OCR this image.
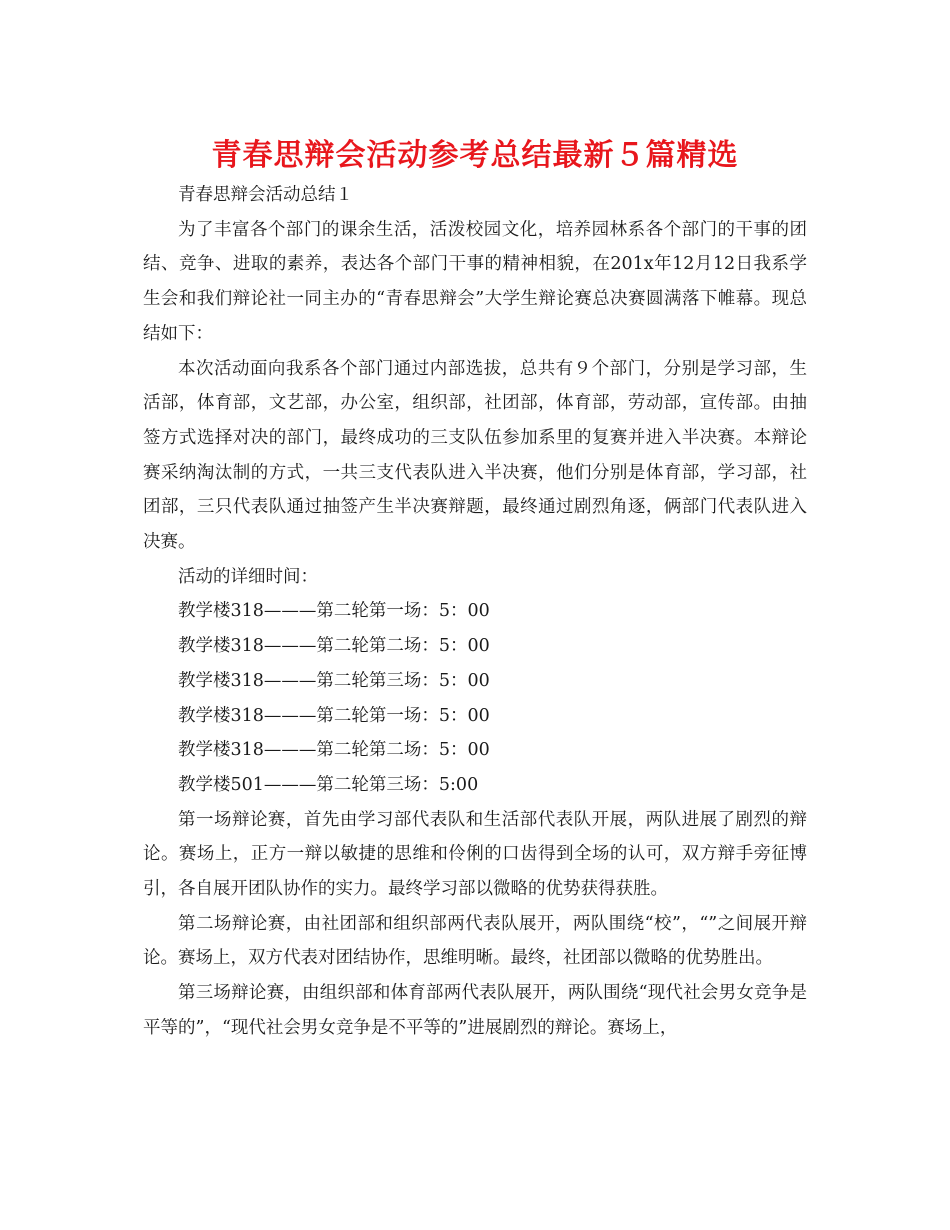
青春思辩会活动参考总结最新５篇精选

青春思辩会活动总结１

为了丰富各个部门的课余生活，活泼校园文化，培养园林系各个部门的干事的团结、竞争、进取的素养，表达各个部门干事的精神相貌，在201x年12月12日我系学生会和我们辩论社一同主办的“青春思辩会”大学生辩论赛总决赛圆满落下帷幕。现总结如下：

本次活动面向我系各个部门通过内部选拔，总共有９个部门，分别是学习部，生活部，体育部，文艺部，办公室，组织部，社团部，体育部，劳动部，宣传部。由抽签方式选择对决的部门，最终成功的三支队伍参加系里的复赛并进入半决赛。本辩论赛采纳淘汰制的方式，一共三支代表队进入半决赛，他们分别是体育部，学习部，社团部，三只代表队通过抽签产生半决赛辩题，最终通过剧烈角逐，俩部门代表队进入决赛。

活动的详细时间：

教学楼318———第二轮第一场：5：00

教学楼318———第二轮第二场：5：00

教学楼318———第二轮第三场：5：00

教学楼318———第二轮第一场：5：00

教学楼318———第二轮第二场：5：00

教学楼501———第二轮第三场：5:00

第一场辩论赛，首先由学习部代表队和生活部代表队开展，两队进展了剧烈的辩论。赛场上，正方一辩以敏捷的思维和伶俐的口齿得到全场的认可，双方辩手旁征博引，各自展开团队协作的实力。最终学习部以微略的优势获得获胜。

第二场辩论赛，由社团部和组织部两代表队展开，两队围绕“校”，“”之间展开辩论。赛场上，双方代表对团结协作，思维明晰。最终，社团部以微略的优势胜出。

第三场辩论赛，由组织部和体育部两代表队展开，两队围绕“现代社会男女竞争是平等的”，“现代社会男女竞争是不平等的”进展剧烈的辩论。赛场上，
